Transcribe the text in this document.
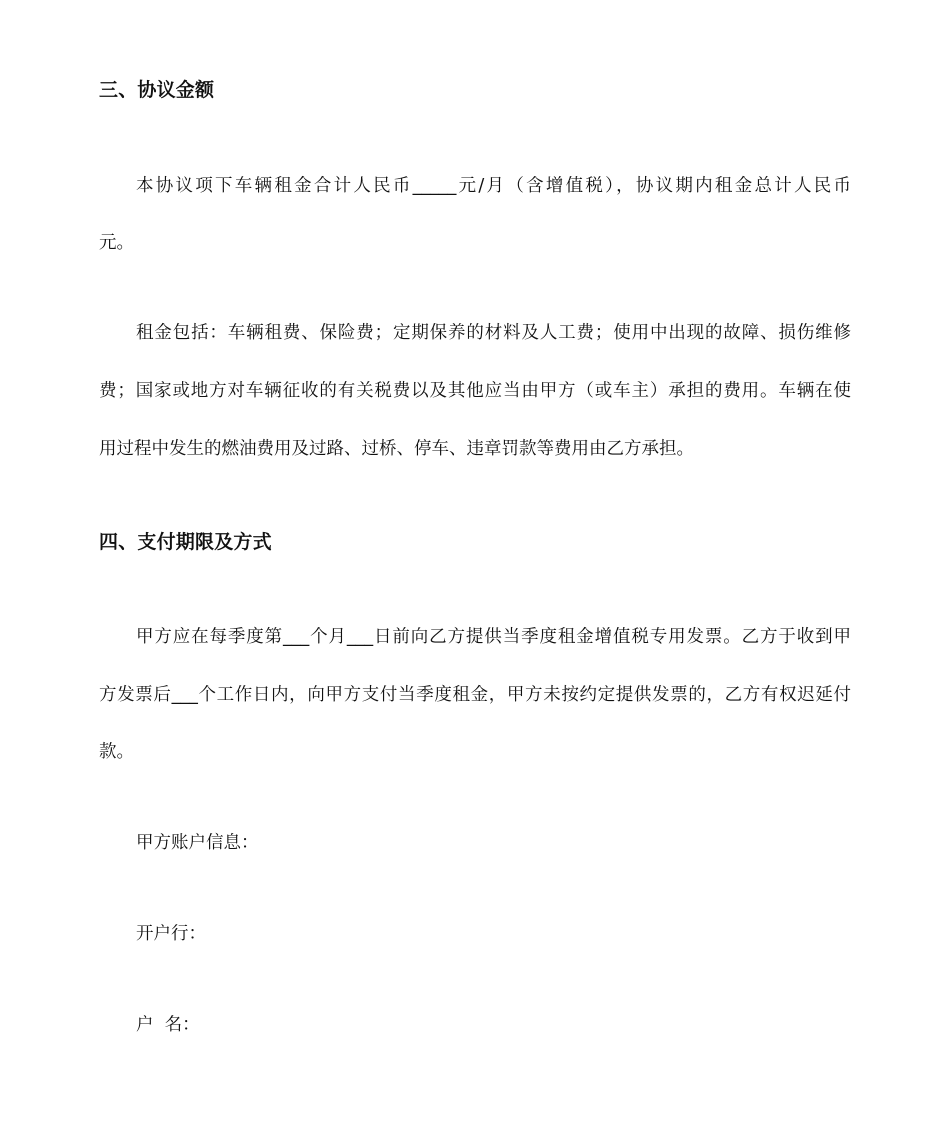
三、协议金额
本协议项下车辆租金合计人民币_____元/月（含增值税），协议期内租金总计人民币
元。
租金包括：车辆租费、保险费；定期保养的材料及人工费；使用中出现的故障、损伤维修
费；国家或地方对车辆征收的有关税费以及其他应当由甲方（或车主）承担的费用。车辆在使
用过程中发生的燃油费用及过路、过桥、停车、违章罚款等费用由乙方承担。
四、支付期限及方式
甲方应在每季度第___个月___日前向乙方提供当季度租金增值税专用发票。乙方于收到甲
方发票后___个工作日内，向甲方支付当季度租金，甲方未按约定提供发票的，乙方有权迟延付
款。
甲方账户信息：
开户行：
户  名：
